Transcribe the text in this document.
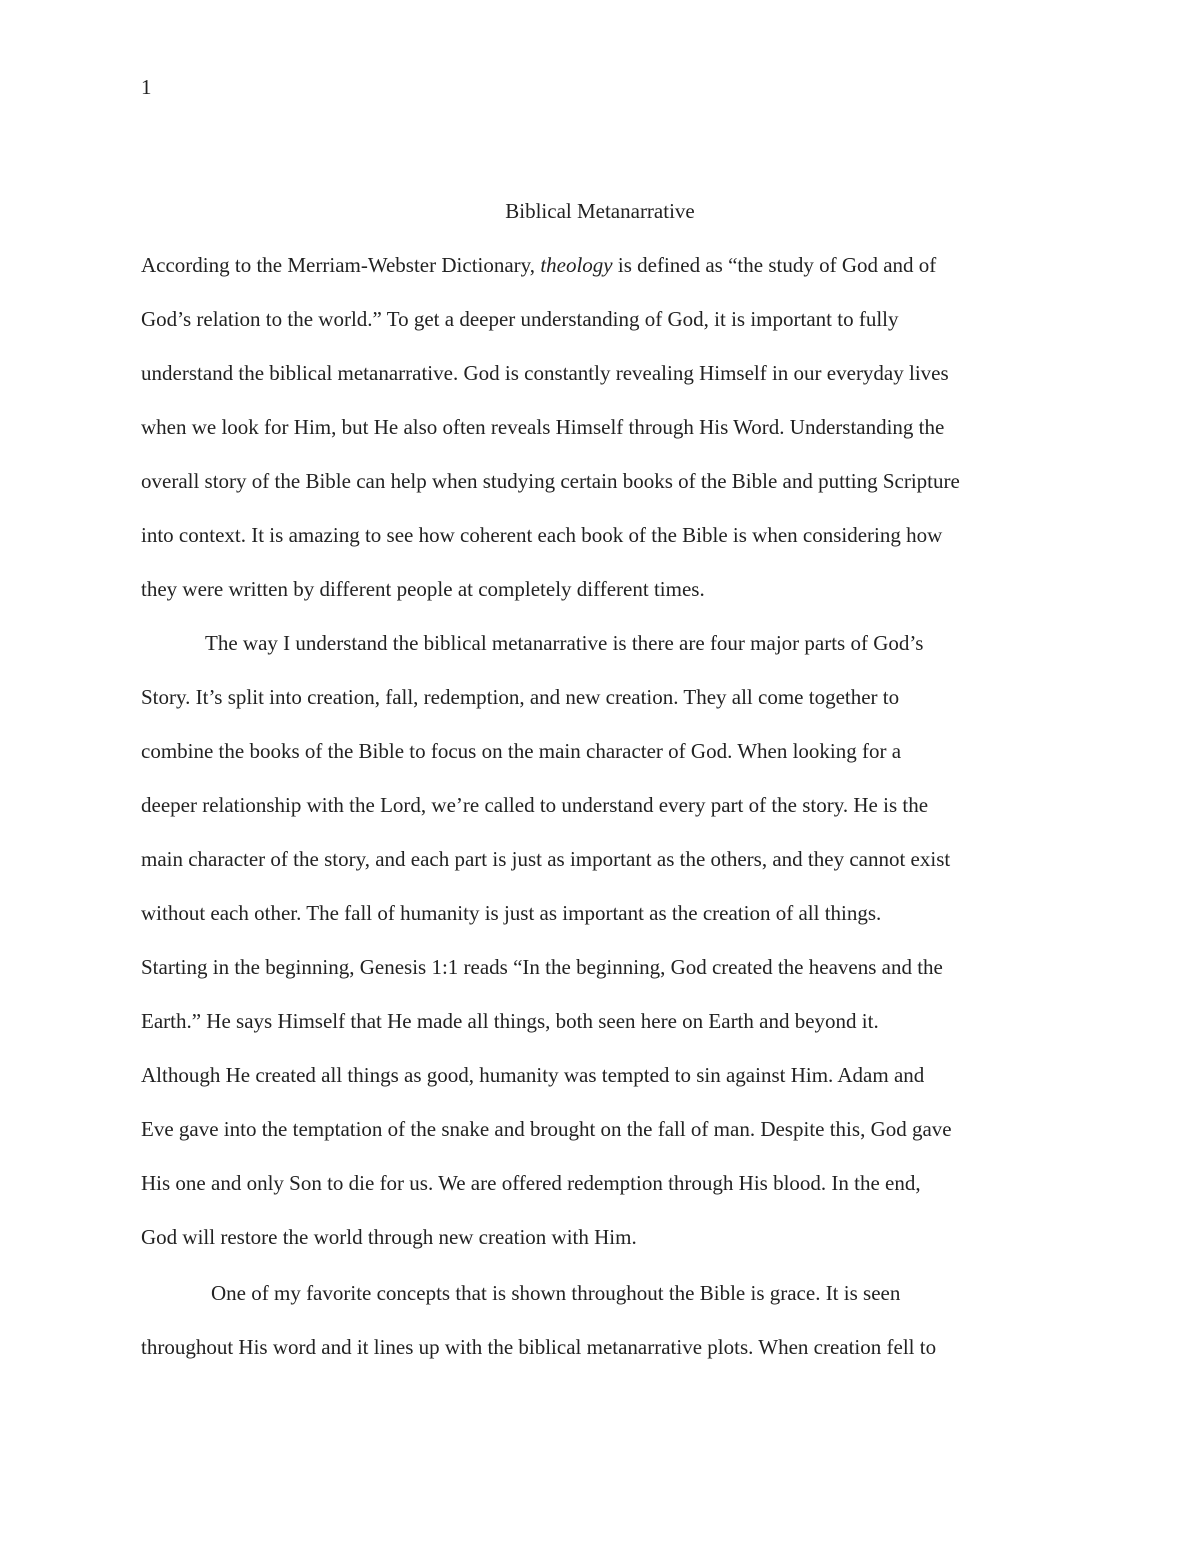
1
Biblical Metanarrative
According to the Merriam-Webster Dictionary, theology is defined as “the study of God and of
God’s relation to the world.” To get a deeper understanding of God, it is important to fully
understand the biblical metanarrative. God is constantly revealing Himself in our everyday lives
when we look for Him, but He also often reveals Himself through His Word. Understanding the
overall story of the Bible can help when studying certain books of the Bible and putting Scripture
into context. It is amazing to see how coherent each book of the Bible is when considering how
they were written by different people at completely different times.
The way I understand the biblical metanarrative is there are four major parts of God’s
Story. It’s split into creation, fall, redemption, and new creation. They all come together to
combine the books of the Bible to focus on the main character of God. When looking for a
deeper relationship with the Lord, we’re called to understand every part of the story. He is the
main character of the story, and each part is just as important as the others, and they cannot exist
without each other. The fall of humanity is just as important as the creation of all things.
Starting in the beginning, Genesis 1:1 reads “In the beginning, God created the heavens and the
Earth.” He says Himself that He made all things, both seen here on Earth and beyond it.
Although He created all things as good, humanity was tempted to sin against Him. Adam and
Eve gave into the temptation of the snake and brought on the fall of man. Despite this, God gave
His one and only Son to die for us. We are offered redemption through His blood. In the end,
God will restore the world through new creation with Him.
One of my favorite concepts that is shown throughout the Bible is grace. It is seen
throughout His word and it lines up with the biblical metanarrative plots. When creation fell to
